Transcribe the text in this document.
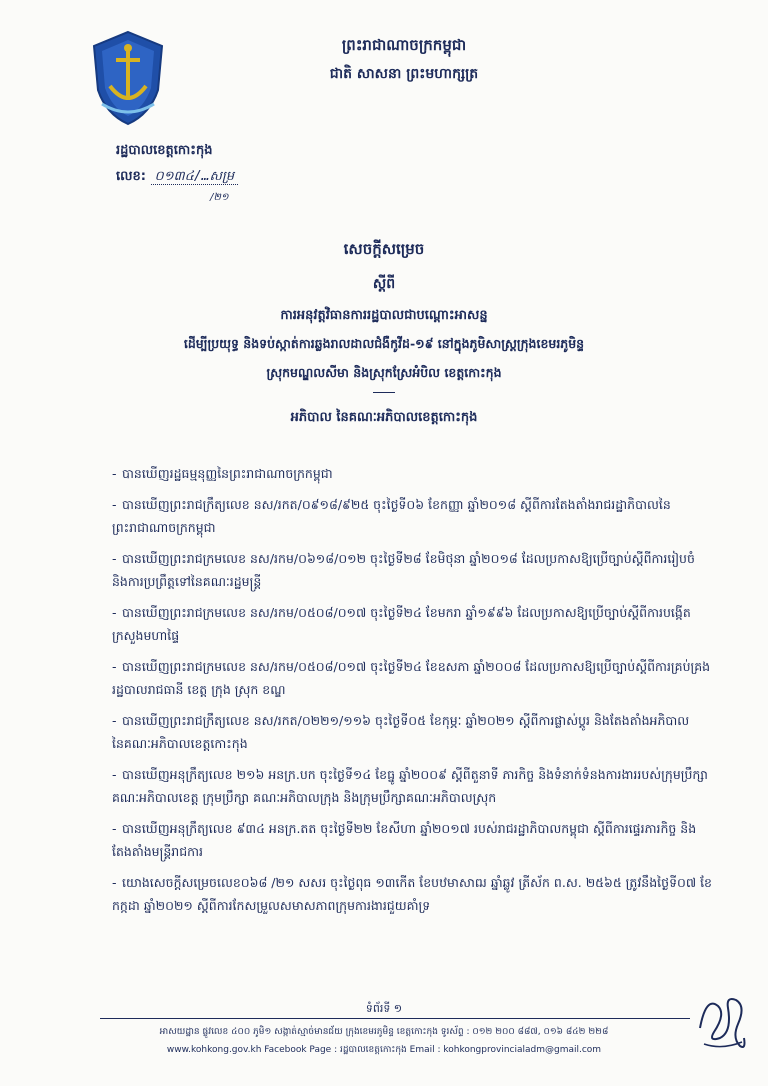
ព្រះរាជាណាចក្រកម្ពុជា
ជាតិ សាសនា ព្រះមហាក្សត្រ
រដ្ឋបាលខេត្តកោះកុង
លេខ: ០១៣៤/…សម្រ
/២១
សេចក្តីសម្រេច
ស្តីពី
ការអនុវត្តវិធានការរដ្ឋបាលជាបណ្តោះអាសន្ន
ដើម្បីប្រយុទ្ធ និងទប់ស្កាត់ការឆ្លងរាលដាលជំងឺកូវីដ-១៩ នៅក្នុងភូមិសាស្ត្រក្រុងខេមរភូមិន្ទ
ស្រុកមណ្ឌលសីមា និងស្រុកស្រែអំបិល ខេត្តកោះកុង
អភិបាល នៃគណៈអភិបាលខេត្តកោះកុង
- បានឃើញរដ្ឋធម្មនុញ្ញនៃព្រះរាជាណាចក្រកម្ពុជា
- បានឃើញព្រះរាជក្រឹត្យលេខ នស/រកត/០៩១៨/៩២៥ ចុះថ្ងៃទី០៦ ខែកញ្ញា ឆ្នាំ២០១៨ ស្តីពីការតែងតាំងរាជរដ្ឋាភិបាលនៃព្រះរាជាណាចក្រកម្ពុជា
- បានឃើញព្រះរាជក្រមលេខ នស/រកម/០៦១៨/០១២ ចុះថ្ងៃទី២៨ ខែមិថុនា ឆ្នាំ២០១៨ ដែលប្រកាសឱ្យប្រើច្បាប់ស្តីពីការរៀបចំ និងការប្រព្រឹត្តទៅនៃគណៈរដ្ឋមន្ត្រី
- បានឃើញព្រះរាជក្រមលេខ នស/រកម/០៥០៨/០១៧ ចុះថ្ងៃទី២៤ ខែមករា ឆ្នាំ១៩៩៦ ដែលប្រកាសឱ្យប្រើច្បាប់ស្តីពីការបង្កើតក្រសួងមហាផ្ទៃ
- បានឃើញព្រះរាជក្រមលេខ នស/រកម/០៥០៨/០១៧ ចុះថ្ងៃទី២៤ ខែឧសភា ឆ្នាំ២០០៨ ដែលប្រកាសឱ្យប្រើច្បាប់ស្តីពីការគ្រប់គ្រងរដ្ឋបាលរាជធានី ខេត្ត ក្រុង ស្រុក ខណ្ឌ
- បានឃើញព្រះរាជក្រឹត្យលេខ នស/រកត/០២២១/១១៦ ចុះថ្ងៃទី០៥ ខែកុម្ភៈ ឆ្នាំ២០២១ ស្តីពីការផ្លាស់ប្តូរ និងតែងតាំងអភិបាល នៃគណៈអភិបាលខេត្តកោះកុង
- បានឃើញអនុក្រឹត្យលេខ ២១៦ អនក្រ.បក ចុះថ្ងៃទី១៤ ខែធ្នូ ឆ្នាំ២០០៩ ស្តីពីតួនាទី ភារកិច្ច និងទំនាក់ទំនងការងាររបស់ក្រុមប្រឹក្សា គណៈអភិបាលខេត្ត ក្រុមប្រឹក្សា គណៈអភិបាលក្រុង និងក្រុមប្រឹក្សាគណៈអភិបាលស្រុក
- បានឃើញអនុក្រឹត្យលេខ ៩៣៤ អនក្រ.តត ចុះថ្ងៃទី២២ ខែសីហា ឆ្នាំ២០១៧ របស់រាជរដ្ឋាភិបាលកម្ពុជា ស្តីពីការផ្ទេរភារកិច្ច និងតែងតាំងមន្ត្រីរាជការ
- យោងសេចក្តីសម្រេចលេខ០៦៨ /២១ សសរ ចុះថ្ងៃពុធ ១៣កើត ខែបឋមាសាឍ ឆ្នាំឆ្លូវ ត្រីស័ក ព.ស. ២៥៦៥ ត្រូវនឹងថ្ងៃទី០៧ ខែកក្កដា ឆ្នាំ២០២១ ស្តីពីការកែសម្រួលសមាសភាពក្រុមការងារជួយគាំទ្រ
ទំព័រទី ១
អាសយដ្ឋាន ផ្លូវលេខ ៤០០ ភូមិ១ សង្កាត់ស្មាច់មានជ័យ ក្រុងខេមរភូមិន្ទ ខេត្តកោះកុង ទូរស័ព្ទ : ០១២ ២០០ ៨៨៧, ០១៦ ៨៤២ ២២៨
www.kohkong.gov.kh Facebook Page : រដ្ឋបាលខេត្តកោះកុង Email : kohkongprovincialadm@gmail.com
